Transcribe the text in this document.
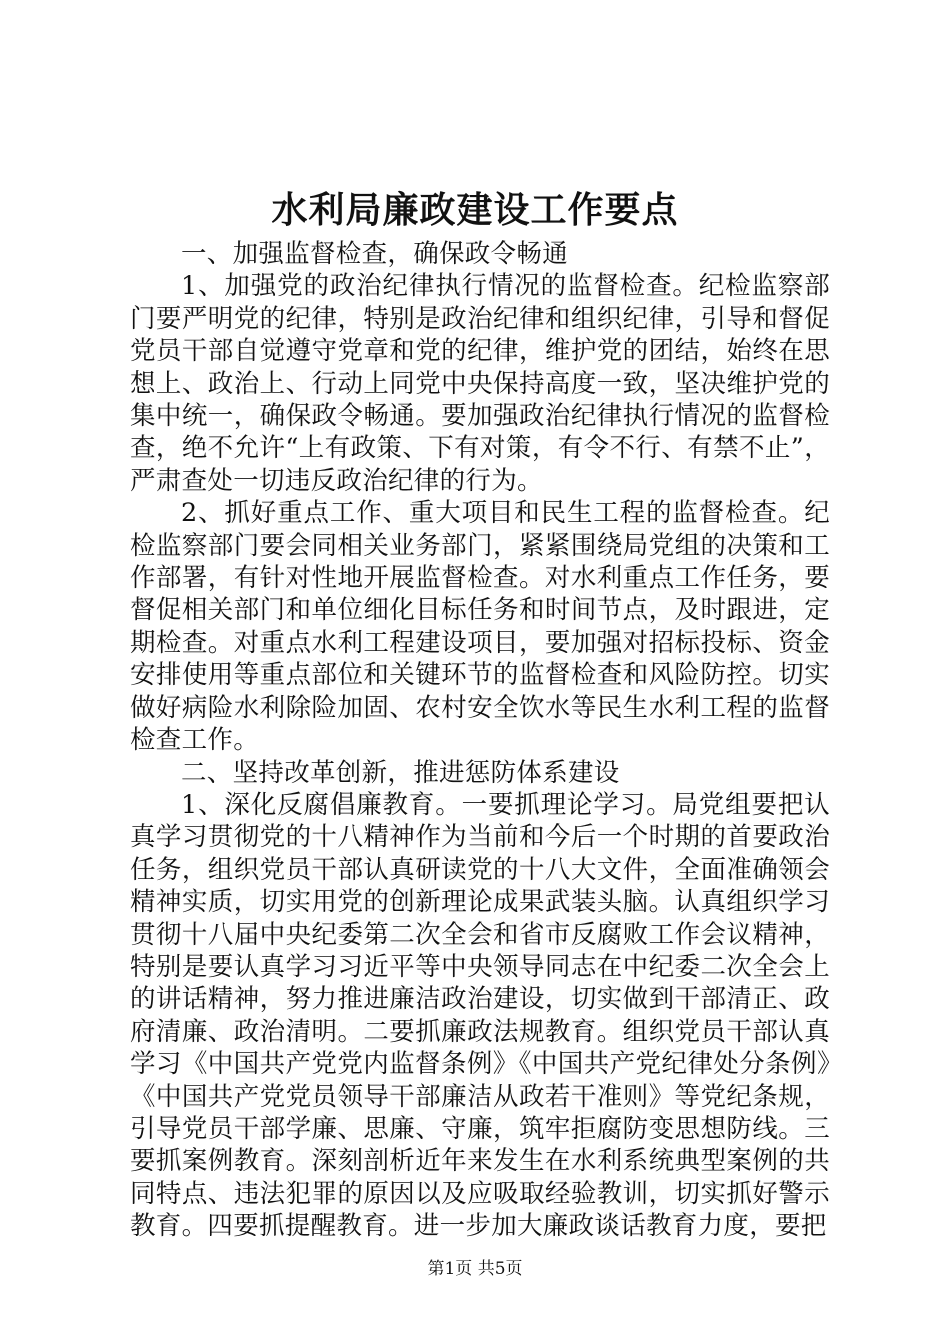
水利局廉政建设工作要点

一、加强监督检查，确保政令畅通

1、加强党的政治纪律执行情况的监督检查。纪检监察部门要严明党的纪律，特别是政治纪律和组织纪律，引导和督促党员干部自觉遵守党章和党的纪律，维护党的团结，始终在思想上、政治上、行动上同党中央保持高度一致，坚决维护党的集中统一，确保政令畅通。要加强政治纪律执行情况的监督检查，绝不允许“上有政策、下有对策，有令不行、有禁不止”，严肃查处一切违反政治纪律的行为。

2、抓好重点工作、重大项目和民生工程的监督检查。纪检监察部门要会同相关业务部门，紧紧围绕局党组的决策和工作部署，有针对性地开展监督检查。对水利重点工作任务，要督促相关部门和单位细化目标任务和时间节点，及时跟进，定期检查。对重点水利工程建设项目，要加强对招标投标、资金安排使用等重点部位和关键环节的监督检查和风险防控。切实做好病险水利除险加固、农村安全饮水等民生水利工程的监督检查工作。

二、坚持改革创新，推进惩防体系建设

1、深化反腐倡廉教育。一要抓理论学习。局党组要把认真学习贯彻党的十八精神作为当前和今后一个时期的首要政治任务，组织党员干部认真研读党的十八大文件，全面准确领会精神实质，切实用党的创新理论成果武装头脑。认真组织学习贯彻十八届中央纪委第二次全会和省市反腐败工作会议精神，特别是要认真学习习近平等中央领导同志在中纪委二次全会上的讲话精神，努力推进廉洁政治建设，切实做到干部清正、政府清廉、政治清明。二要抓廉政法规教育。组织党员干部认真学习《中国共产党党内监督条例》《中国共产党纪律处分条例》《中国共产党党员领导干部廉洁从政若干准则》等党纪条规，引导党员干部学廉、思廉、守廉，筑牢拒腐防变思想防线。三要抓案例教育。深刻剖析近年来发生在水利系统典型案例的共同特点、违法犯罪的原因以及应吸取经验教训，切实抓好警示教育。四要抓提醒教育。进一步加大廉政谈话教育力度，要把

第1页 共5页
